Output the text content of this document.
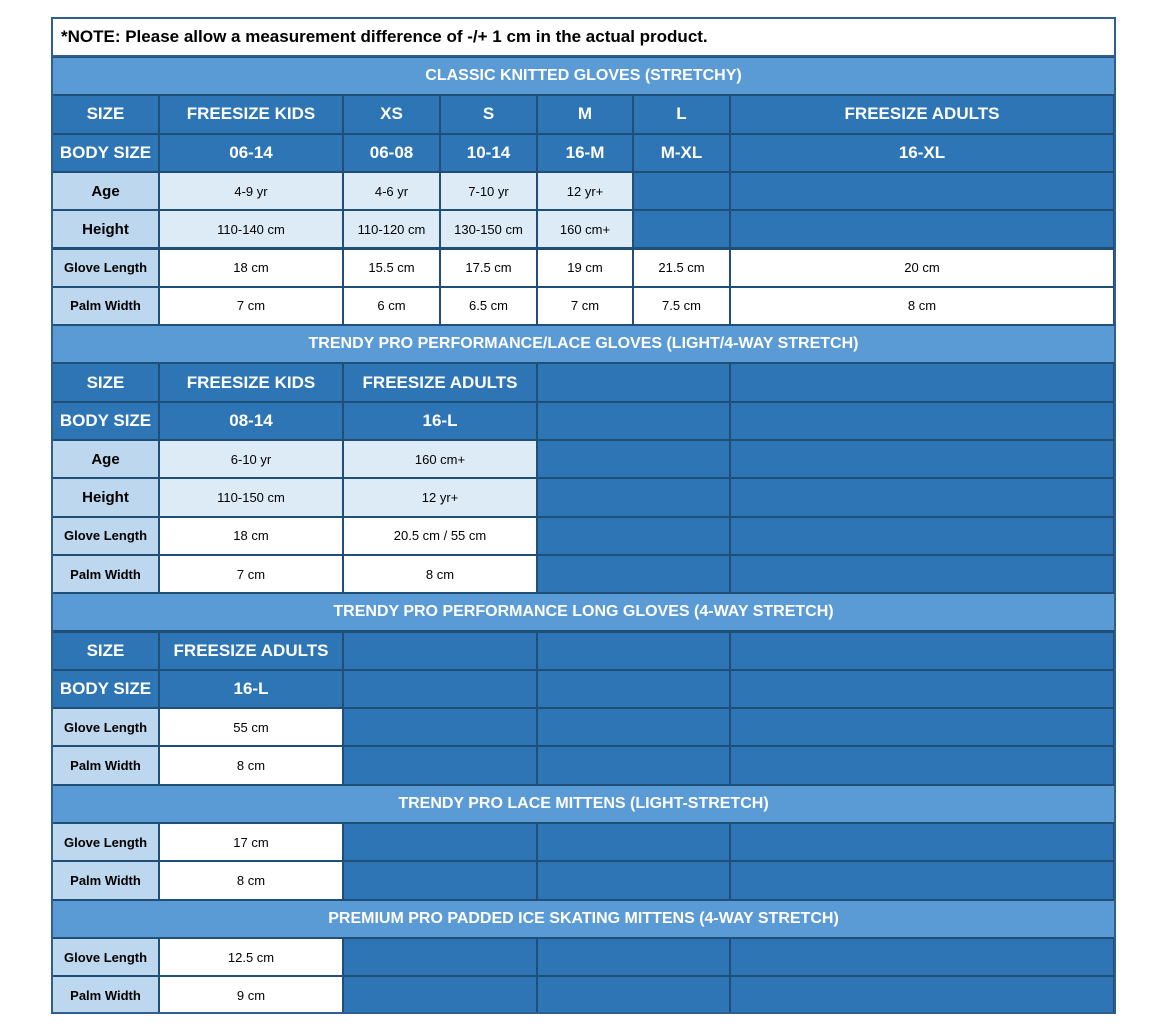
*NOTE: Please allow a measurement difference of -/+ 1 cm in the actual product.
CLASSIC KNITTED GLOVES (STRETCHY)
SIZE	FREESIZE KIDS	XS	S	M	L	FREESIZE ADULTS
BODY SIZE	06-14	06-08	10-14	16-M	M-XL	16-XL
Age	4-9 yr	4-6 yr	7-10 yr	12 yr+
Height	110-140 cm	110-120 cm	130-150 cm	160 cm+
Glove Length	18 cm	15.5 cm	17.5 cm	19 cm	21.5 cm	20 cm
Palm Width	7 cm	6 cm	6.5 cm	7 cm	7.5 cm	8 cm
TRENDY PRO PERFORMANCE/LACE GLOVES (LIGHT/4-WAY STRETCH)
SIZE	FREESIZE KIDS	FREESIZE ADULTS
BODY SIZE	08-14	16-L
Age	6-10 yr	160 cm+
Height	110-150 cm	12 yr+
Glove Length	18 cm	20.5 cm / 55 cm
Palm Width	7 cm	8 cm
TRENDY PRO PERFORMANCE LONG GLOVES (4-WAY STRETCH)
SIZE	FREESIZE ADULTS
BODY SIZE	16-L
Glove Length	55 cm
Palm Width	8 cm
TRENDY PRO LACE MITTENS (LIGHT-STRETCH)
Glove Length	17 cm
Palm Width	8 cm
PREMIUM PRO PADDED ICE SKATING MITTENS (4-WAY STRETCH)
Glove Length	12.5 cm
Palm Width	9 cm
